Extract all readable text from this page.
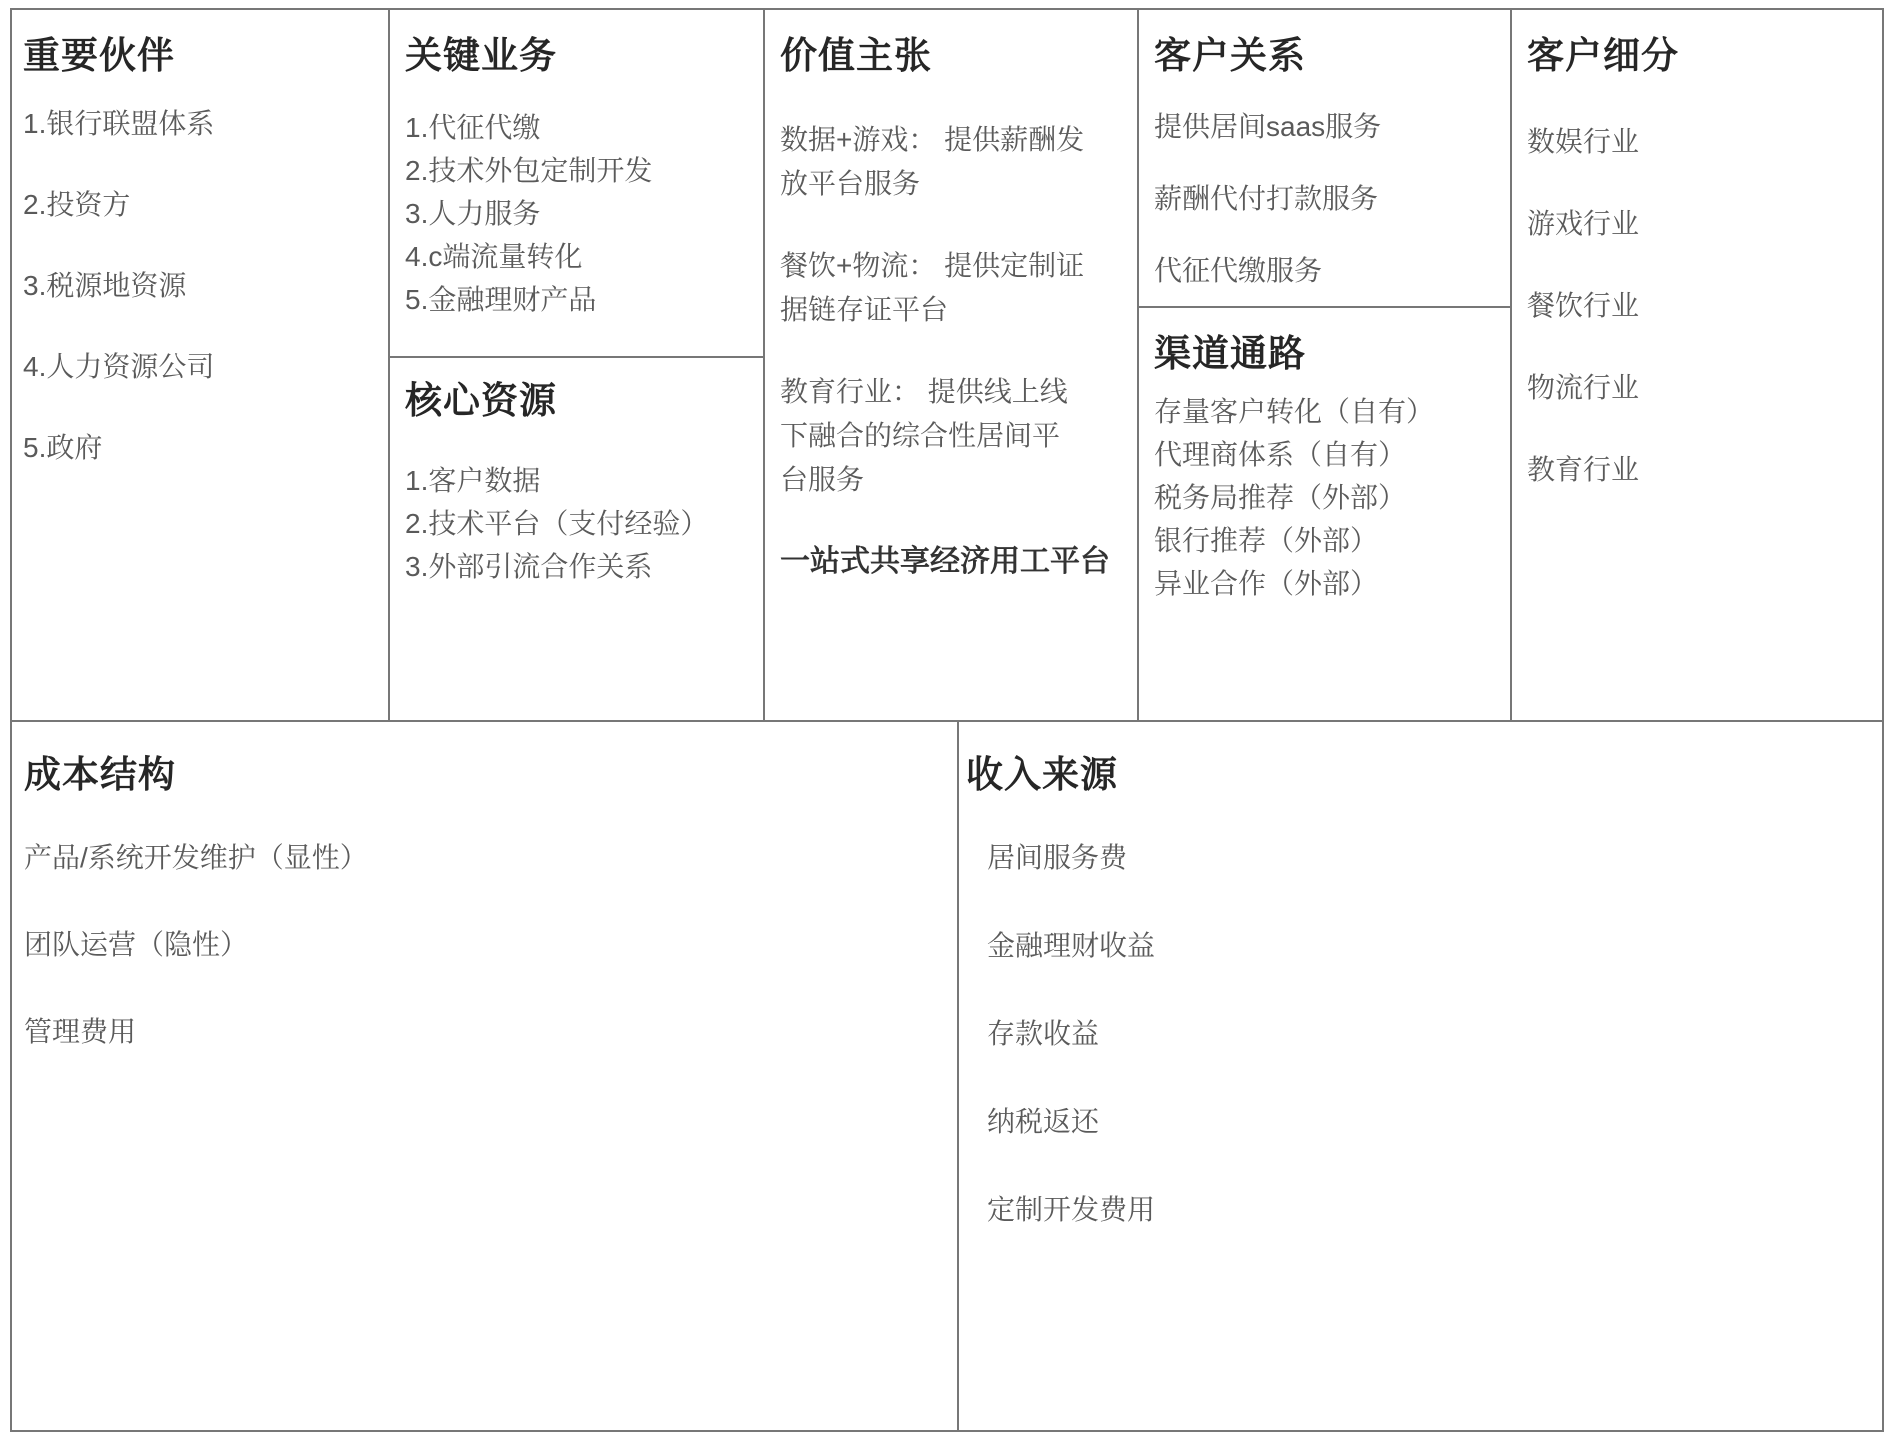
重要伙伴

1.银行联盟体系

2.投资方

3.税源地资源

4.人力资源公司

5.政府

关键业务

1.代征代缴

2.技术外包定制开发

3.人力服务

4.c端流量转化

5.金融理财产品

核心资源

1.客户数据

2.技术平台（支付经验）

3.外部引流合作关系

价值主张

数据+游戏： 提供薪酬发放平台服务

餐饮+物流： 提供定制证据链存证平台

教育行业： 提供线上线下融合的综合性居间平台服务

一站式共享经济用工平台

客户关系

提供居间saas服务

薪酬代付打款服务

代征代缴服务

渠道通路

存量客户转化（自有）

代理商体系（自有）

税务局推荐（外部）

银行推荐（外部）

异业合作（外部）

客户细分

数娱行业

游戏行业

餐饮行业

物流行业

教育行业

成本结构

产品/系统开发维护（显性）

团队运营（隐性）

管理费用

收入来源

居间服务费

金融理财收益

存款收益

纳税返还

定制开发费用
